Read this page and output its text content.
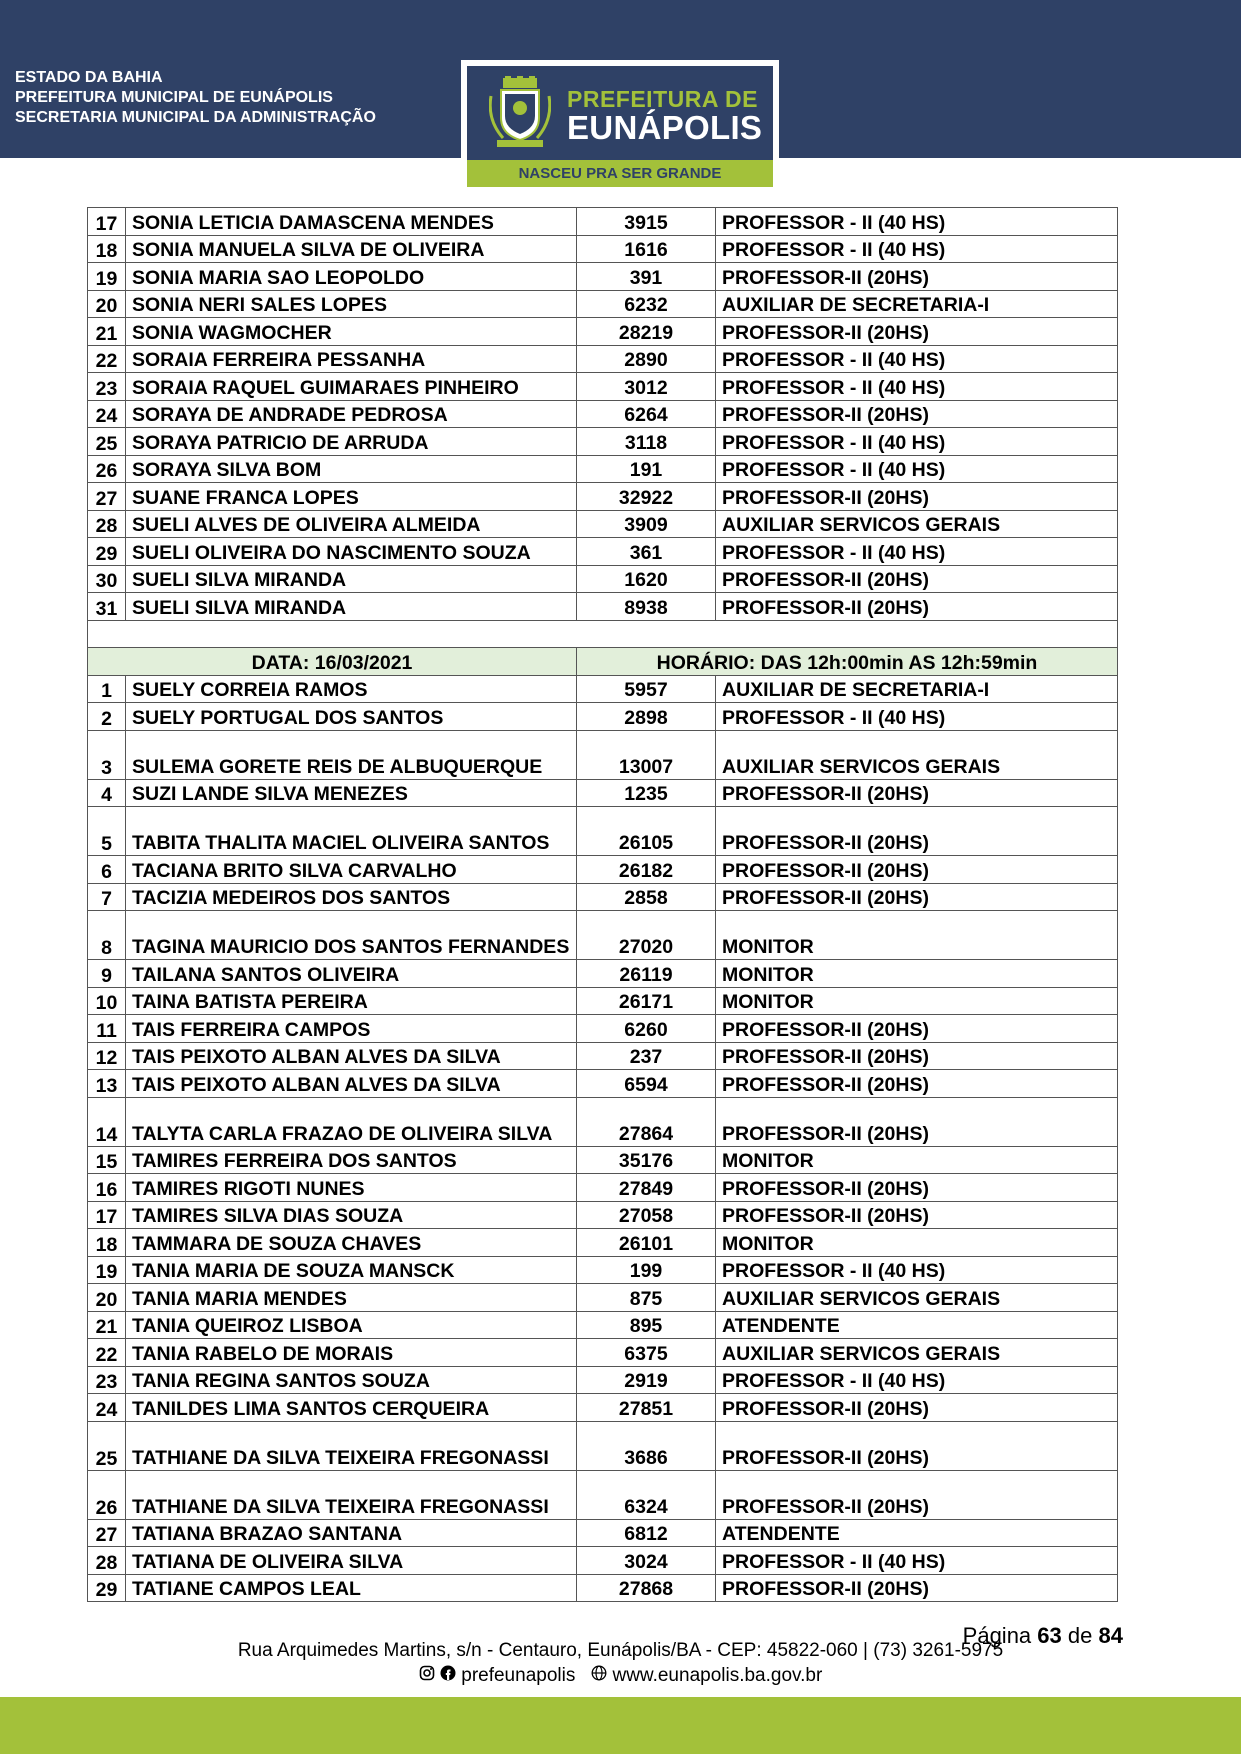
ESTADO DA BAHIA
PREFEITURA MUNICIPAL DE EUNÁPOLIS
SECRETARIA MUNICIPAL DA ADMINISTRAÇÃO
PREFEITURA DE
EUNÁPOLIS
NASCEU PRA SER GRANDE
17	SONIA LETICIA DAMASCENA MENDES	3915	PROFESSOR - II (40 HS)
18	SONIA MANUELA SILVA DE OLIVEIRA	1616	PROFESSOR - II (40 HS)
19	SONIA MARIA SAO LEOPOLDO	391	PROFESSOR-II (20HS)
20	SONIA NERI SALES LOPES	6232	AUXILIAR DE SECRETARIA-I
21	SONIA WAGMOCHER	28219	PROFESSOR-II (20HS)
22	SORAIA FERREIRA PESSANHA	2890	PROFESSOR - II (40 HS)
23	SORAIA RAQUEL GUIMARAES PINHEIRO	3012	PROFESSOR - II (40 HS)
24	SORAYA DE ANDRADE PEDROSA	6264	PROFESSOR-II (20HS)
25	SORAYA PATRICIO DE ARRUDA	3118	PROFESSOR - II (40 HS)
26	SORAYA SILVA BOM	191	PROFESSOR - II (40 HS)
27	SUANE FRANCA LOPES	32922	PROFESSOR-II (20HS)
28	SUELI ALVES DE OLIVEIRA ALMEIDA	3909	AUXILIAR SERVICOS GERAIS
29	SUELI OLIVEIRA DO NASCIMENTO SOUZA	361	PROFESSOR - II (40 HS)
30	SUELI SILVA MIRANDA	1620	PROFESSOR-II (20HS)
31	SUELI SILVA MIRANDA	8938	PROFESSOR-II (20HS)

DATA: 16/03/2021		HORÁRIO: DAS 12h:00min AS 12h:59min	
1	SUELY CORREIA RAMOS	5957	AUXILIAR DE SECRETARIA-I
2	SUELY PORTUGAL DOS SANTOS	2898	PROFESSOR - II (40 HS)
3	SULEMA GORETE REIS DE ALBUQUERQUE	13007	AUXILIAR SERVICOS GERAIS
4	SUZI LANDE SILVA MENEZES	1235	PROFESSOR-II (20HS)
5	TABITA THALITA MACIEL OLIVEIRA SANTOS	26105	PROFESSOR-II (20HS)
6	TACIANA BRITO SILVA CARVALHO	26182	PROFESSOR-II (20HS)
7	TACIZIA MEDEIROS DOS SANTOS	2858	PROFESSOR-II (20HS)
8	TAGINA MAURICIO DOS SANTOS FERNANDES	27020	MONITOR
9	TAILANA SANTOS OLIVEIRA	26119	MONITOR
10	TAINA BATISTA PEREIRA	26171	MONITOR
11	TAIS FERREIRA CAMPOS	6260	PROFESSOR-II (20HS)
12	TAIS PEIXOTO ALBAN ALVES DA SILVA	237	PROFESSOR-II (20HS)
13	TAIS PEIXOTO ALBAN ALVES DA SILVA	6594	PROFESSOR-II (20HS)
14	TALYTA CARLA FRAZAO DE OLIVEIRA SILVA	27864	PROFESSOR-II (20HS)
15	TAMIRES FERREIRA DOS SANTOS	35176	MONITOR
16	TAMIRES RIGOTI NUNES	27849	PROFESSOR-II (20HS)
17	TAMIRES SILVA DIAS SOUZA	27058	PROFESSOR-II (20HS)
18	TAMMARA DE SOUZA CHAVES	26101	MONITOR
19	TANIA MARIA DE SOUZA MANSCK	199	PROFESSOR - II (40 HS)
20	TANIA MARIA MENDES	875	AUXILIAR SERVICOS GERAIS
21	TANIA QUEIROZ LISBOA	895	ATENDENTE
22	TANIA RABELO DE MORAIS	6375	AUXILIAR SERVICOS GERAIS
23	TANIA REGINA SANTOS SOUZA	2919	PROFESSOR - II (40 HS)
24	TANILDES LIMA SANTOS CERQUEIRA	27851	PROFESSOR-II (20HS)
25	TATHIANE DA SILVA TEIXEIRA FREGONASSI	3686	PROFESSOR-II (20HS)
26	TATHIANE DA SILVA TEIXEIRA FREGONASSI	6324	PROFESSOR-II (20HS)
27	TATIANA BRAZAO SANTANA	6812	ATENDENTE
28	TATIANA DE OLIVEIRA SILVA	3024	PROFESSOR - II (40 HS)
29	TATIANE CAMPOS LEAL	27868	PROFESSOR-II (20HS)
Página 63 de 84
Rua Arquimedes Martins, s/n - Centauro, Eunápolis/BA - CEP: 45822-060 | (73) 3261-5975
prefeunapolis www.eunapolis.ba.gov.br
